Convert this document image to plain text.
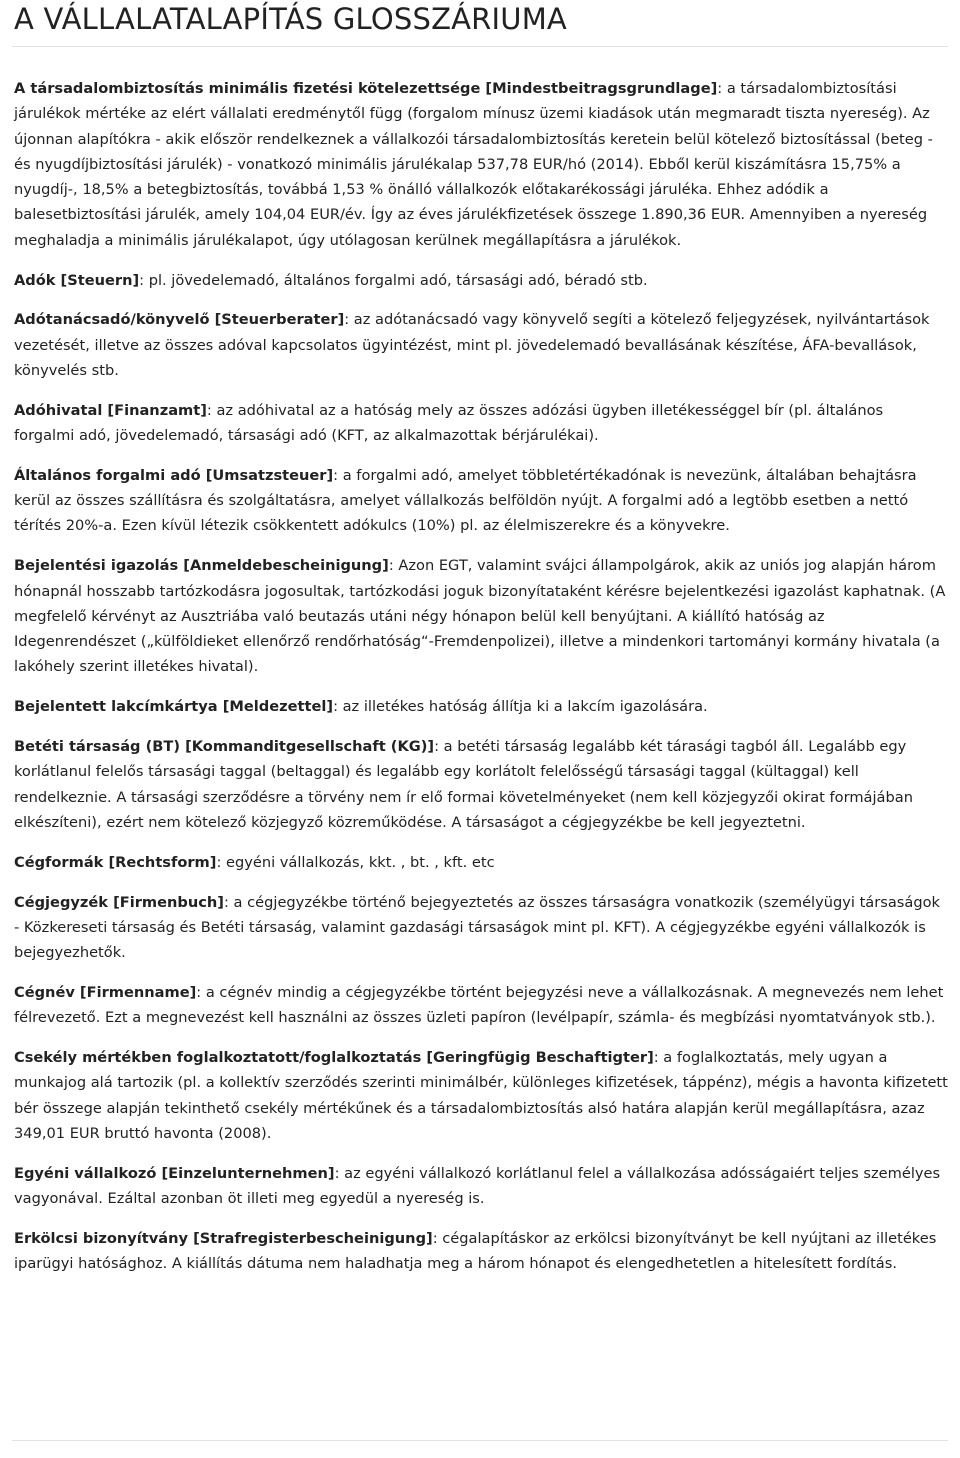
A VÁLLALATALAPÍTÁS GLOSSZÁRIUMA

A társadalombiztosítás minimális fizetési kötelezettsége [Mindestbeitragsgrundlage]: a társadalombiztosítási járulékok mértéke az elért vállalati eredménytől függ (forgalom mínusz üzemi kiadások után megmaradt tiszta nyereség). Az újonnan alapítókra - akik először rendelkeznek a vállalkozói társadalombiztosítás keretein belül kötelező biztosítással (beteg - és nyugdíjbiztosítási járulék) - vonatkozó minimális járulékalap 537,78 EUR/hó (2014). Ebből kerül kiszámításra 15,75% a nyugdíj-, 18,5% a betegbiztosítás, továbbá 1,53 % önálló vállalkozók előtakarékossági járuléka. Ehhez adódik a balesetbiztosítási járulék, amely 104,04 EUR/év. Így az éves járulékfizetések összege 1.890,36 EUR. Amennyiben a nyereség meghaladja a minimális járulékalapot, úgy utólagosan kerülnek megállapításra a járulékok.

Adók [Steuern]: pl. jövedelemadó, általános forgalmi adó, társasági adó, béradó stb.

Adótanácsadó/könyvelő [Steuerberater]: az adótanácsadó vagy könyvelő segíti a kötelező feljegyzések, nyilvántartások vezetését, illetve az összes adóval kapcsolatos ügyintézést, mint pl. jövedelemadó bevallásának készítése, ÁFA-bevallások, könyvelés stb.

Adóhivatal [Finanzamt]: az adóhivatal az a hatóság mely az összes adózási ügyben illetékességgel bír (pl. általános forgalmi adó, jövedelemadó, társasági adó (KFT, az alkalmazottak bérjárulékai).

Általános forgalmi adó [Umsatzsteuer]: a forgalmi adó, amelyet többletértékadónak is nevezünk, általában behajtásra kerül az összes szállításra és szolgáltatásra, amelyet vállalkozás belföldön nyújt. A forgalmi adó a legtöbb esetben a nettó térítés 20%-a. Ezen kívül létezik csökkentett adókulcs (10%) pl. az élelmiszerekre és a könyvekre.

Bejelentési igazolás [Anmeldebescheinigung]: Azon EGT, valamint svájci állampolgárok, akik az uniós jog alapján három hónapnál hosszabb tartózkodásra jogosultak, tartózkodási joguk bizonyítataként kérésre bejelentkezési igazolást kaphatnak. (A megfelelő kérvényt az Ausztriába való beutazás utáni négy hónapon belül kell benyújtani. A kiállító hatóság az Idegenrendészet („külföldieket ellenőrző rendőrhatóság“-Fremdenpolizei), illetve a mindenkori tartományi kormány hivatala (a lakóhely szerint illetékes hivatal).

Bejelentett lakcímkártya [Meldezettel]: az illetékes hatóság állítja ki a lakcím igazolására.

Betéti társaság (BT) [Kommanditgesellschaft (KG)]: a betéti társaság legalább két tárasági tagból áll. Legalább egy korlátlanul felelős társasági taggal (beltaggal) és legalább egy korlátolt felelősségű társasági taggal (kültaggal) kell rendelkeznie. A társasági szerződésre a törvény nem ír elő formai követelményeket (nem kell közjegyzői okirat formájában elkészíteni), ezért nem kötelező közjegyző közreműködése. A társaságot a cégjegyzékbe be kell jegyeztetni.

Cégformák [Rechtsform]: egyéni vállalkozás, kkt. , bt. , kft. etc

Cégjegyzék [Firmenbuch]: a cégjegyzékbe történő bejegyeztetés az összes társaságra vonatkozik (személyügyi társaságok - Közkereseti társaság és Betéti társaság, valamint gazdasági társaságok mint pl. KFT). A cégjegyzékbe egyéni vállalkozók is bejegyezhetők.

Cégnév [Firmenname]: a cégnév mindig a cégjegyzékbe történt bejegyzési neve a vállalkozásnak. A megnevezés nem lehet félrevezető. Ezt a megnevezést kell használni az összes üzleti papíron (levélpapír, számla- és megbízási nyomtatványok stb.).

Csekély mértékben foglalkoztatott/foglalkoztatás [Geringfügig Beschaftigter]: a foglalkoztatás, mely ugyan a munkajog alá tartozik (pl. a kollektív szerződés szerinti minimálbér, különleges kifizetések, táppénz), mégis a havonta kifizetett bér összege alapján tekinthető csekély mértékűnek és a társadalombiztosítás alsó határa alapján kerül megállapításra, azaz 349,01 EUR bruttó havonta (2008).

Egyéni vállalkozó [Einzelunternehmen]: az egyéni vállalkozó korlátlanul felel a vállalkozása adósságaiért teljes személyes vagyonával. Ezáltal azonban öt illeti meg egyedül a nyereség is.

Erkölcsi bizonyítvány [Strafregisterbescheinigung]: cégalapításkor az erkölcsi bizonyítványt be kell nyújtani az illetékes iparügyi hatósághoz. A kiállítás dátuma nem haladhatja meg a három hónapot és elengedhetetlen a hitelesített fordítás.
